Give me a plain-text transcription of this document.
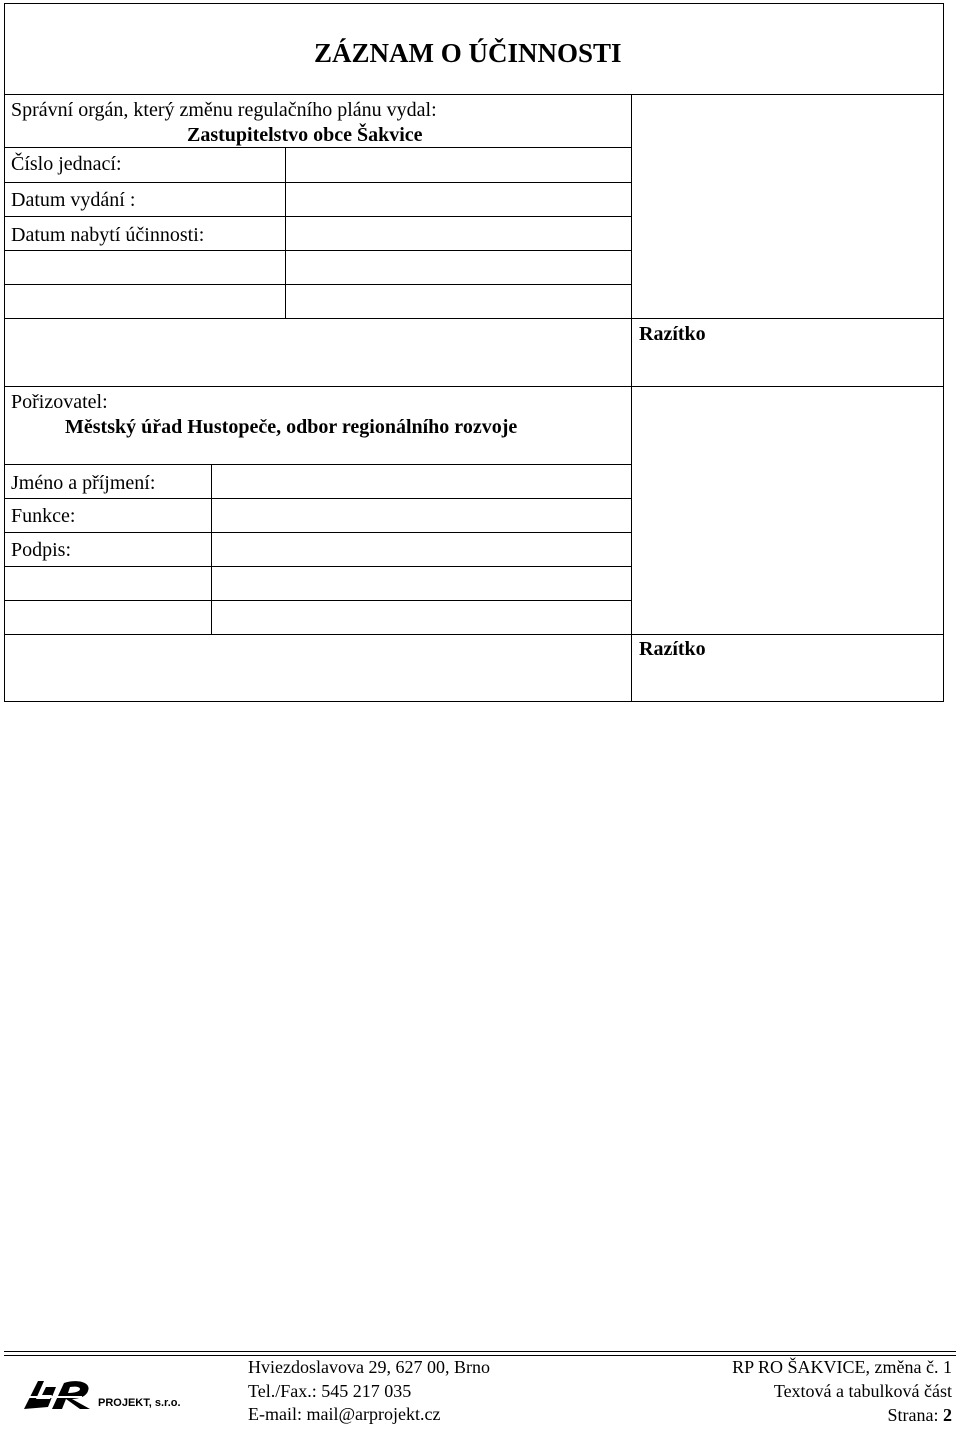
ZÁZNAM O ÚČINNOSTI
Správní orgán, který změnu regulačního plánu vydal:
Zastupitelstvo obce Šakvice
Číslo jednací:
Datum vydání :
Datum nabytí účinnosti:
Razítko
Pořizovatel:
Městský úřad Hustopeče, odbor regionálního rozvoje
Jméno a příjmení:
Funkce:
Podpis:
Razítko
PROJEKT, s.r.o.
Hviezdoslavova 29, 627 00, Brno
Tel./Fax.: 545 217 035
E-mail: mail@arprojekt.cz
RP RO ŠAKVICE, změna č. 1
Textová a tabulková část
Strana: 2
